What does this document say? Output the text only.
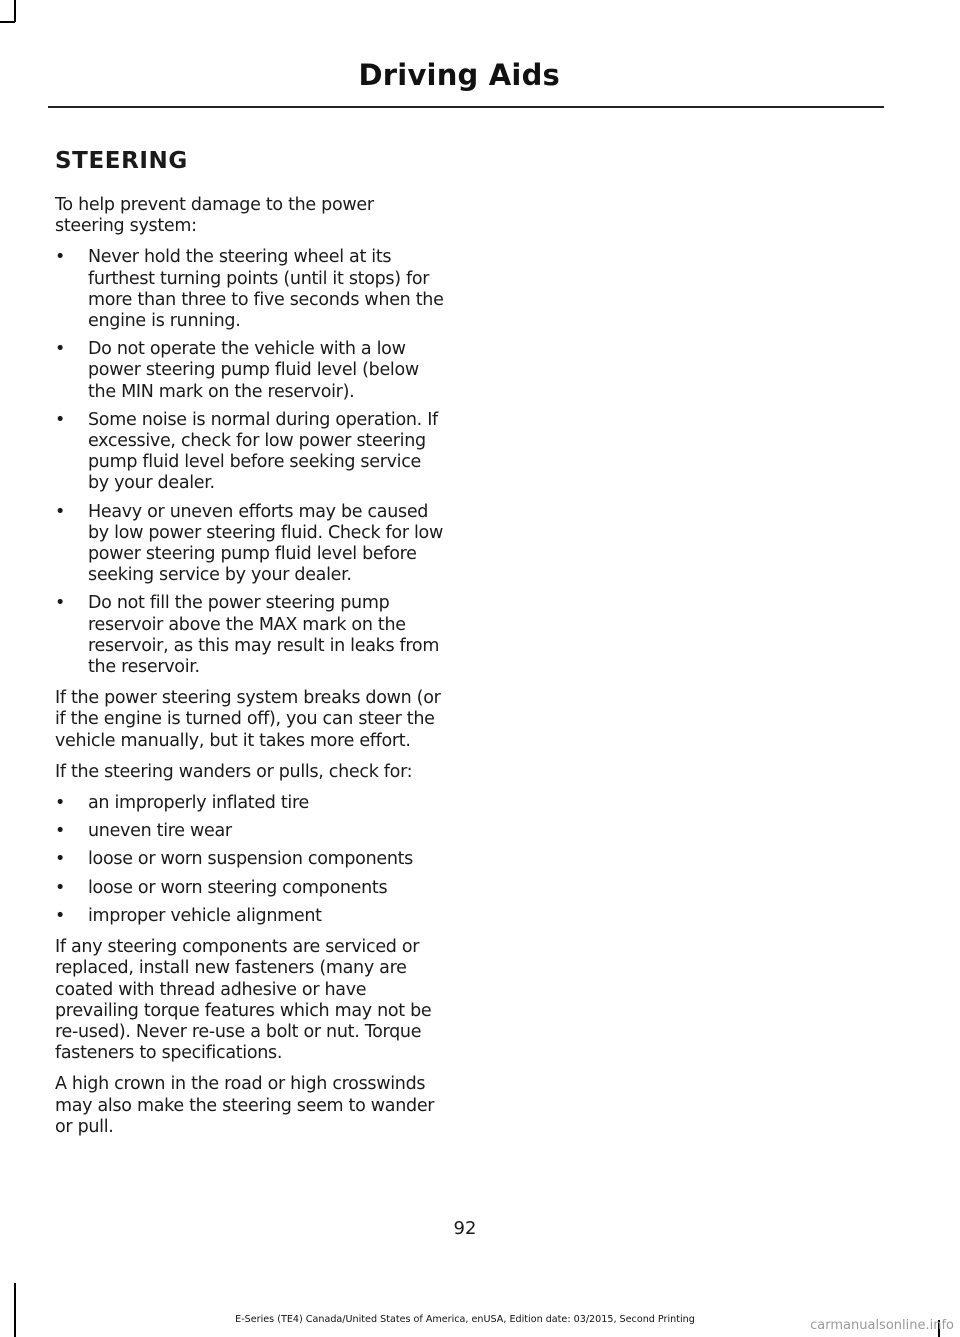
Driving Aids
STEERING

To help prevent damage to the power steering system:

• Never hold the steering wheel at its furthest turning points (until it stops) for more than three to five seconds when the engine is running.
• Do not operate the vehicle with a low power steering pump fluid level (below the MIN mark on the reservoir).
• Some noise is normal during operation. If excessive, check for low power steering pump fluid level before seeking service by your dealer.
• Heavy or uneven efforts may be caused by low power steering fluid. Check for low power steering pump fluid level before seeking service by your dealer.
• Do not fill the power steering pump reservoir above the MAX mark on the reservoir, as this may result in leaks from the reservoir.

If the power steering system breaks down (or if the engine is turned off), you can steer the vehicle manually, but it takes more effort.

If the steering wanders or pulls, check for:

• an improperly inflated tire
• uneven tire wear
• loose or worn suspension components
• loose or worn steering components
• improper vehicle alignment

If any steering components are serviced or replaced, install new fasteners (many are coated with thread adhesive or have prevailing torque features which may not be re-used). Never re-use a bolt or nut. Torque fasteners to specifications.

A high crown in the road or high crosswinds may also make the steering seem to wander or pull.

92
E-Series (TE4) Canada/United States of America, enUSA, Edition date: 03/2015, Second Printing	carmanualsonline.info
